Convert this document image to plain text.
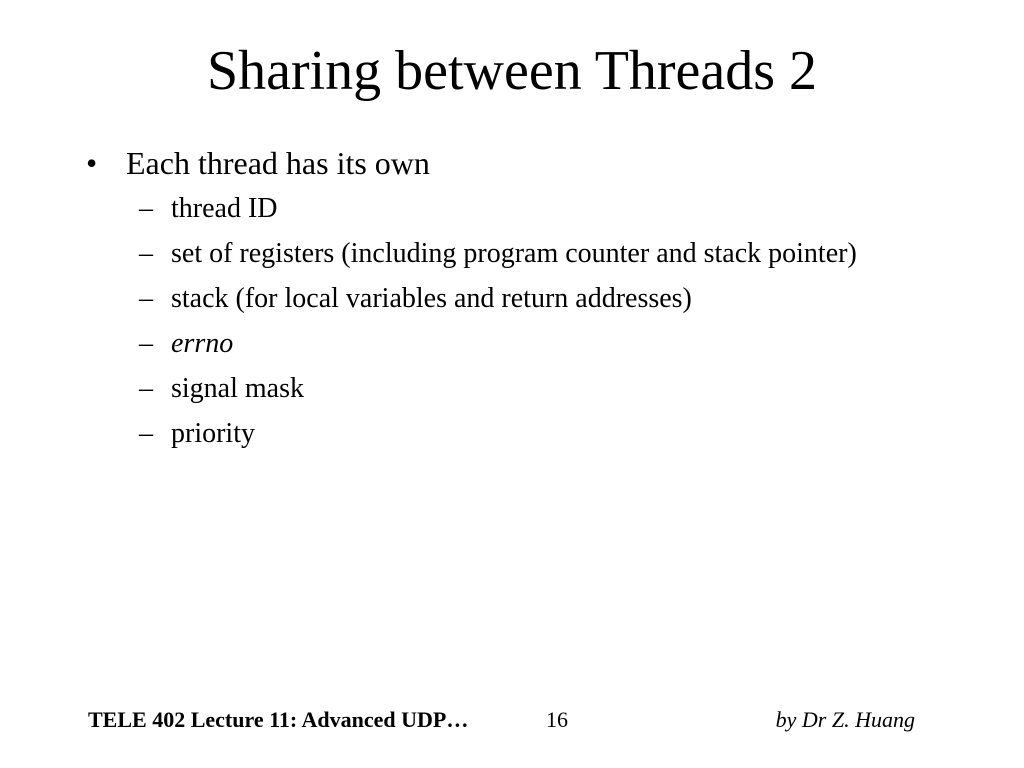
Sharing between Threads 2
• Each thread has its own
– thread ID
– set of registers (including program counter and stack pointer)
– stack (for local variables and return addresses)
– errno
– signal mask
– priority
TELE 402 Lecture 11: Advanced UDP…	16	by Dr Z. Huang
